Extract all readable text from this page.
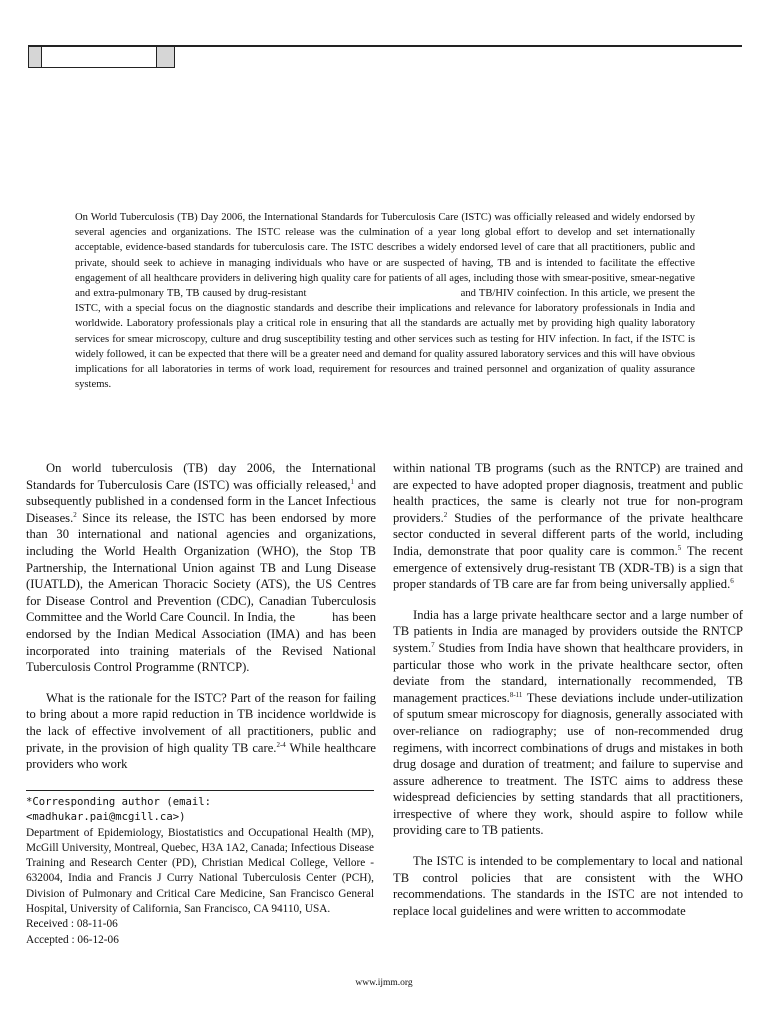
On World Tuberculosis (TB) Day 2006, the International Standards for Tuberculosis Care (ISTC) was officially released and widely endorsed by several agencies and organizations. The ISTC release was the culmination of a year long global effort to develop and set internationally acceptable, evidence-based standards for tuberculosis care. The ISTC describes a widely endorsed level of care that all practitioners, public and private, should seek to achieve in managing individuals who have or are suspected of having, TB and is intended to facilitate the effective engagement of all healthcare providers in delivering high quality care for patients of all ages, including those with smear-positive, smear-negative and extra-pulmonary TB, TB caused by drug-resistant                                                  and TB/HIV coinfection. In this article, we present the ISTC, with a special focus on the diagnostic standards and describe their implications and relevance for laboratory professionals in India and worldwide. Laboratory professionals play a critical role in ensuring that all the standards are actually met by providing high quality laboratory services for smear microscopy, culture and drug susceptibility testing and other services such as testing for HIV infection. In fact, if the ISTC is widely followed, it can be expected that there will be a greater need and demand for quality assured laboratory services and this will have obvious implications for all laboratories in terms of work load, requirement for resources and trained personnel and organization of quality assurance systems.

On world tuberculosis (TB) day 2006, the International Standards for Tuberculosis Care (ISTC) was officially released,$^1$ and subsequently published in a condensed form in the Lancet Infectious Diseases.$^2$ Since its release, the ISTC has been endorsed by more than 30 international and national agencies and organizations, including the World Health Organization (WHO), the Stop TB Partnership, the International Union against TB and Lung Disease (IUATLD), the American Thoracic Society (ATS), the US Centres for Disease Control and Prevention (CDC), Canadian Tuberculosis Committee and the World Care Council. In India, the           has been endorsed by the Indian Medical Association (IMA) and has been incorporated into training materials of the Revised National Tuberculosis Control Programme (RNTCP).

What is the rationale for the ISTC? Part of the reason for failing to bring about a more rapid reduction in TB incidence worldwide is the lack of effective involvement of all practitioners, public and private, in the provision of high quality TB care.$^{2-4}$ While healthcare providers who work

*Corresponding author (email: <madhukar.pai@mcgill.ca>)
Department of Epidemiology, Biostatistics and Occupational Health (MP), McGill University, Montreal, Quebec, H3A 1A2, Canada; Infectious Disease Training and Research Center (PD), Christian Medical College, Vellore - 632004, India and Francis J Curry National Tuberculosis Center (PCH), Division of Pulmonary and Critical Care Medicine, San Francisco General Hospital, University of California, San Francisco, CA 94110, USA.
Received : 08-11-06
Accepted : 06-12-06

within national TB programs (such as the RNTCP) are trained and are expected to have adopted proper diagnosis, treatment and public health practices, the same is clearly not true for non-program providers.$^2$ Studies of the performance of the private healthcare sector conducted in several different parts of the world, including India, demonstrate that poor quality care is common.$^5$ The recent emergence of extensively drug-resistant TB (XDR-TB) is a sign that proper standards of TB care are far from being universally applied.$^6$

India has a large private healthcare sector and a large number of TB patients in India are managed by providers outside the RNTCP system.$^7$ Studies from India have shown that healthcare providers, in particular those who work in the private healthcare sector, often deviate from the standard, internationally recommended, TB management practices.$^{8-11}$ These deviations include under-utilization of sputum smear microscopy for diagnosis, generally associated with over-reliance on radiography; use of non-recommended drug regimens, with incorrect combinations of drugs and mistakes in both drug dosage and duration of treatment; and failure to supervise and assure adherence to treatment. The ISTC aims to address these widespread deficiencies by setting standards that all practitioners, irrespective of where they work, should aspire to follow while providing care to TB patients.

The ISTC is intended to be complementary to local and national TB control policies that are consistent with the WHO recommendations. The standards in the ISTC are not intended to replace local guidelines and were written to accommodate

www.ijmm.org
